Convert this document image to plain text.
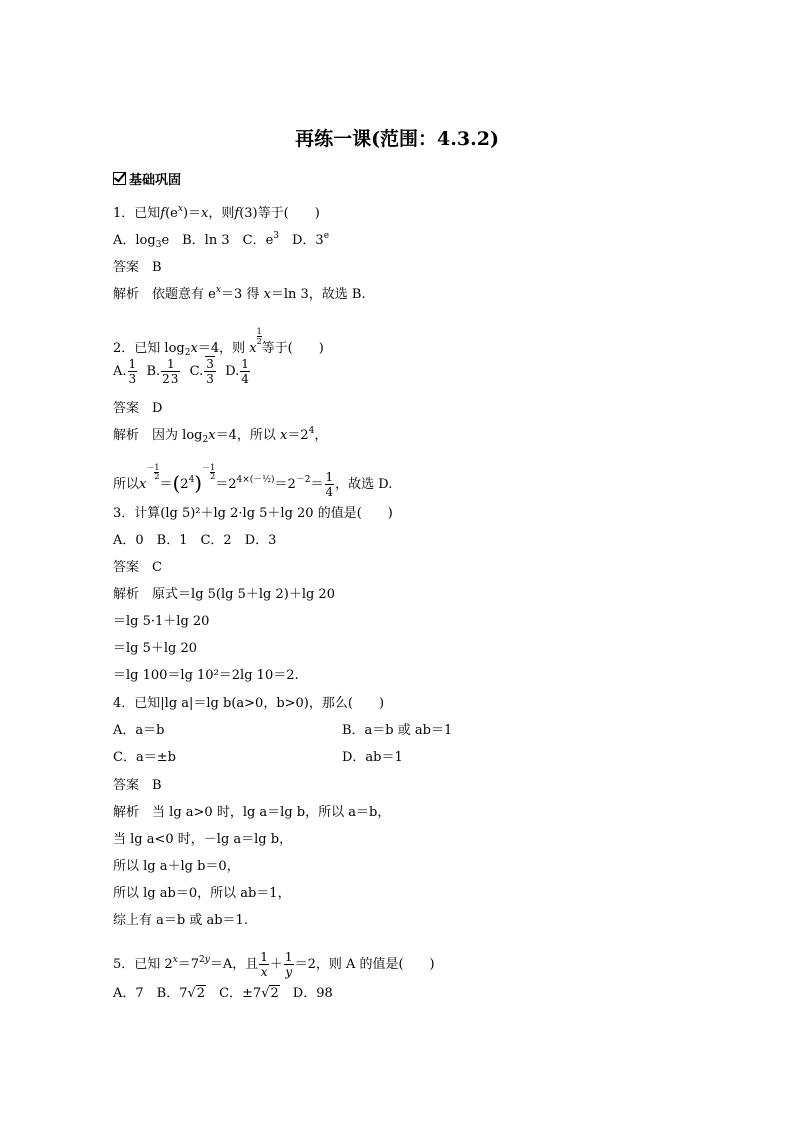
再练一课(范围：4.3.2)
基础巩固
1．已知$f(e^x)=x$，则f(3)等于(　　)
A．$\log_3e$　B．ln 3　C．$e^3$　D．3e
答案　 B
解析　 依题意有 $e^x=3$ 得 x＝ln 3，故选 B.
2．已知 $\log_2x=4$，则 x
$\frac{1}{2}$
等于(　　)
A. $\frac{1}{3} B$. $\frac{1}{23} C$. $\frac{3}{3} D$. $\frac{1}{4}$
答案　 D
解析　 因为 $\log_2x=4$，所以 $x=2^4$，
所以x
－1
2
$=(2^4)$
－1
2
$=2^{4\times(-\frac{1}{2})}=2^{-2}= \frac{1}{4}$ ，故选 D.
3．计算(lg 5)²＋lg 2·lg 5＋lg 20 的值是(　　)
A．0　B．1　C．2　D．3
答案　 C
解析　 原式＝lg 5(lg 5＋lg 2)＋lg 20
＝lg 5·1＋lg 20
＝lg 5＋lg 20
＝lg 100＝lg 10²＝2lg 10＝2.
4．已知|lg a|＝lg b(a>0，b>0)，那么(　　)
A．a＝b	B．a＝b 或 ab＝1
C．a＝±b	D．ab＝1
答案　 B
解析　 当 lg a>0 时，lg a＝lg b，所以 a＝b，
当 lg a<0 时，－lg a＝lg b，
所以 lg a＋lg b＝0，
所以 lg ab＝0，所以 ab＝1，
综上有 a＝b 或 ab＝1.
5．已知 $2^x=7^{2y}=A$，且 $\frac{1}{x} + \frac{1}{y} =2$，则 A 的值是(　　)
A．7　B．7√2　C．±7√2　D．98
